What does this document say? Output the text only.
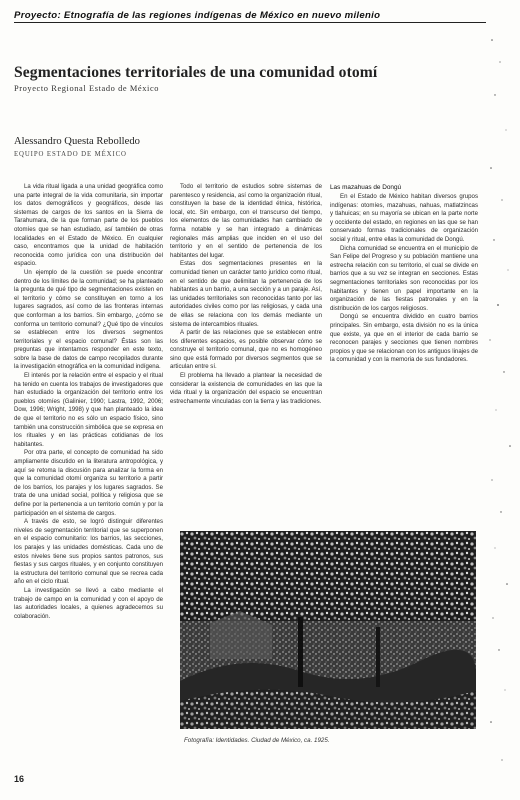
Proyecto: Etnografía de las regiones indígenas de México en nuevo milenio
Segmentaciones territoriales de una comunidad otomí
Proyecto Regional Estado de México
Alessandro Questa Rebolledo
EQUIPO ESTADO DE MÉXICO

La vida ritual ligada a una unidad geográfica como una parte integral de la vida comunitaria, sin importar los datos demográficos y geográficos, desde las sistemas de cargos de los santos en la Sierra de Tarahumara, de la que forman parte de los pueblos otomíes que se han estudiado, así también de otras localidades en el Estado de México. En cualquier caso, encontramos que la unidad de habitación reconocida como jurídica con una distribución del espacio.

Un ejemplo de la cuestión se puede encontrar dentro de los límites de la comunidad; se ha planteado la pregunta de qué tipo de segmentaciones existen en el territorio y cómo se constituyen en torno a los lugares sagrados, así como de las fronteras internas que conforman a los barrios. Sin embargo, ¿cómo se conforma un territorio comunal? ¿Qué tipo de vínculos se establecen entre los diversos segmentos territoriales y el espacio comunal? Éstas son las preguntas que intentamos responder en este texto, sobre la base de datos de campo recopilados durante la investigación etnográfica en la comunidad indígena.

El interés por la relación entre el espacio y el ritual ha tenido en cuenta los trabajos de investigadores que han estudiado la organización del territorio entre los pueblos otomíes (Galinier, 1990; Lastra, 1992, 2006; Dow, 1996; Wright, 1998) y que han planteado la idea de que el territorio no es sólo un espacio físico, sino también una construcción simbólica que se expresa en los rituales y en las prácticas cotidianas de los habitantes.

Por otra parte, el concepto de comunidad ha sido ampliamente discutido en la literatura antropológica, y aquí se retoma la discusión para analizar la forma en que la comunidad otomí organiza su territorio a partir de los barrios, los parajes y los lugares sagrados. Se trata de una unidad social, política y religiosa que se define por la pertenencia a un territorio común y por la participación en el sistema de cargos.

A través de esto, se logró distinguir diferentes niveles de segmentación territorial que se superponen en el espacio comunitario: los barrios, las secciones, los parajes y las unidades domésticas. Cada uno de estos niveles tiene sus propios santos patronos, sus fiestas y sus cargos rituales, y en conjunto constituyen la estructura del territorio comunal que se recrea cada año en el ciclo ritual.

La investigación se llevó a cabo mediante el trabajo de campo en la comunidad y con el apoyo de las autoridades locales, a quienes agradecemos su colaboración.

Todo el territorio de estudios sobre sistemas de parentesco y residencia, así como la organización ritual, constituyen la base de la identidad étnica, histórica, local, etc. Sin embargo, con el transcurso del tiempo, los elementos de las comunidades han cambiado de forma notable y se han integrado a dinámicas regionales más amplias que inciden en el uso del territorio y en el sentido de pertenencia de los habitantes del lugar.

Estas dos segmentaciones presentes en la comunidad tienen un carácter tanto jurídico como ritual, en el sentido de que delimitan la pertenencia de los habitantes a un barrio, a una sección y a un paraje. Así, las unidades territoriales son reconocidas tanto por las autoridades civiles como por las religiosas, y cada una de ellas se relaciona con los demás mediante un sistema de intercambios rituales.

A partir de las relaciones que se establecen entre los diferentes espacios, es posible observar cómo se construye el territorio comunal, que no es homogéneo sino que está formado por diversos segmentos que se articulan entre sí.

El problema ha llevado a plantear la necesidad de considerar la existencia de comunidades en las que la vida ritual y la organización del espacio se encuentran estrechamente vinculadas con la tierra y las tradiciones.

Las mazahuas de Dongú

En el Estado de México habitan diversos grupos indígenas: otomíes, mazahuas, nahuas, matlatzincas y tlahuicas; en su mayoría se ubican en la parte norte y occidente del estado, en regiones en las que se han conservado formas tradicionales de organización social y ritual, entre ellas la comunidad de Dongú.

Dicha comunidad se encuentra en el municipio de San Felipe del Progreso y su población mantiene una estrecha relación con su territorio, el cual se divide en barrios que a su vez se integran en secciones. Estas segmentaciones territoriales son reconocidas por los habitantes y tienen un papel importante en la organización de las fiestas patronales y en la distribución de los cargos religiosos.

Dongú se encuentra dividido en cuatro barrios principales. Sin embargo, esta división no es la única que existe, ya que en el interior de cada barrio se reconocen parajes y secciones que tienen nombres propios y que se relacionan con los antiguos linajes de la comunidad y con la memoria de sus fundadores.

Fotografía: Identidades. Ciudad de México, ca. 1925.
16
